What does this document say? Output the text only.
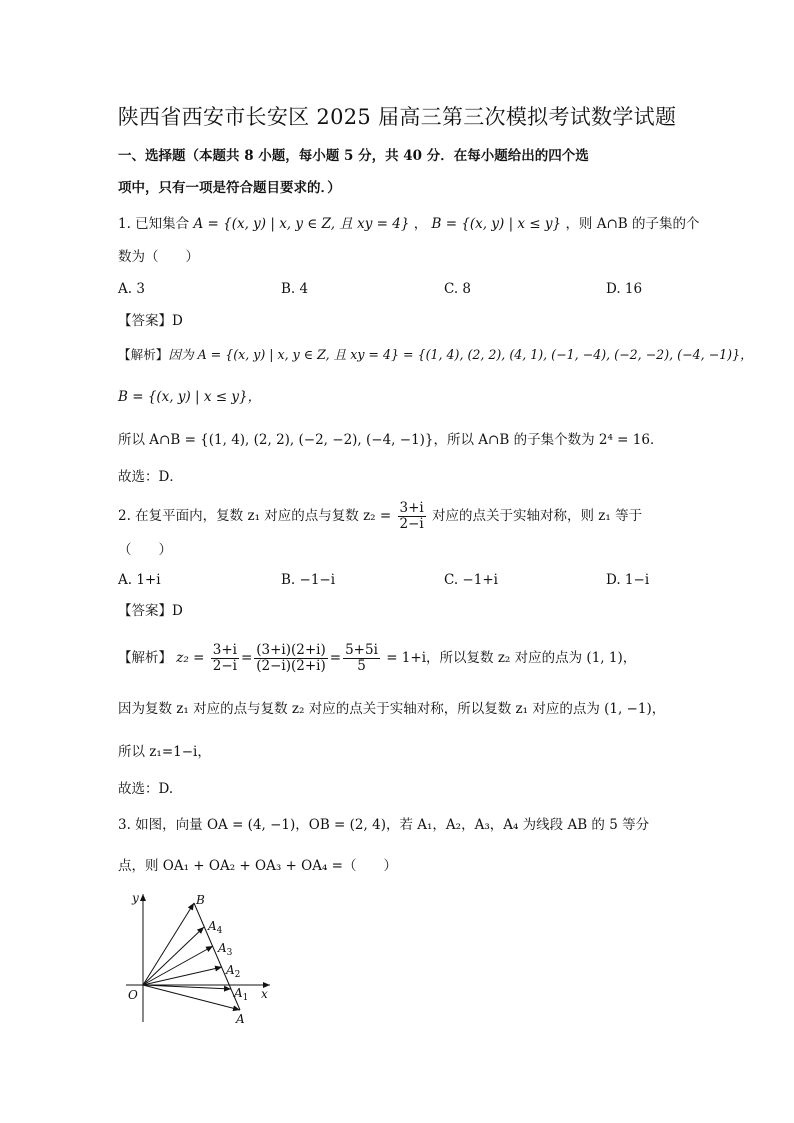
陕西省西安市长安区 2025 届高三第三次模拟考试数学试题
一、选择题（本题共 8 小题，每小题 5 分，共 40 分．在每小题给出的四个选
项中，只有一项是符合题目要求的．）
1. 已知集合 A = {(x, y) | x, y ∈ Z, 且 xy = 4} ， B = {(x, y) | x ≤ y} ，则 A∩B 的子集的个
数为（　　）
A. 3	B. 4	C. 8	D. 16
【答案】D
【解析】因为 A = {(x, y) | x, y ∈ Z, 且 xy = 4} = {(1, 4), (2, 2), (4, 1), (−1, −4), (−2, −2), (−4, −1)}，
B = {(x, y) | x ≤ y}，
所以 A∩B = {(1, 4), (2, 2), (−2, −2), (−4, −1)}，所以 A∩B 的子集个数为 2⁴ = 16．
故选：D．
2. 在复平面内，复数 z₁ 对应的点与复数 $z_2 = \frac{3+i}{2-i}$ 对应的点关于实轴对称，则 z₁ 等于
（　　）
A. 1+i	B. −1−i	C. −1+i	D. 1−i
【答案】D
【解析】 $z_2 = \frac{3+i}{2-i} = \frac{(3+i)(2+i)}{(2-i)(2+i)} = \frac{5+5i}{5} = 1+i$，所以复数 z₂ 对应的点为 (1, 1)，
因为复数 z₁ 对应的点与复数 z₂ 对应的点关于实轴对称，所以复数 z₁ 对应的点为 (1, −1)，
所以 z₁=1−i，
故选：D.
3. 如图，向量 OA = (4, −1)，OB = (2, 4)，若 A₁，A₂，A₃，A₄ 为线段 AB 的 5 等分
点，则 OA₁ + OA₂ + OA₃ + OA₄ =（　　）
y
x
O
B
$A_4$
$A_3$
$A_2$
$A_1$
A
